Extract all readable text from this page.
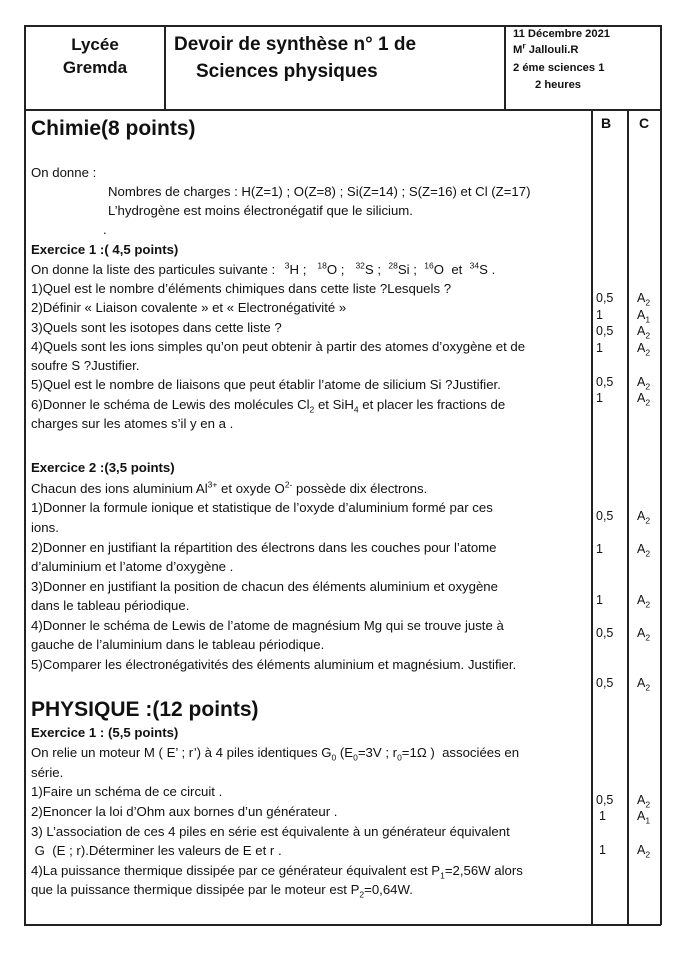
Lycée
Gremda
Devoir de synthèse n° 1 de
Sciences physiques
11 Décembre 2021
$M^r$ Jallouli.R
2 éme sciences 1
2 heures
B C
Chimie(8 points)
On donne :
Nombres de charges : H(Z=1) ; O(Z=8) ; Si(Z=14) ; S(Z=16) et Cl (Z=17)
L’hydrogène est moins électronégatif que le silicium.
.
Exercice 1 :( 4,5 points)
On donne la liste des particules suivante : $^3$H ;   $^{18}$O ;   $^{32}$S ;  $^{28}$Si ;  $^{16}$O  et  $^{34}$S .
1)Quel est le nombre d’éléments chimiques dans cette liste ?Lesquels ?
2)Définir « Liaison covalente » et « Electronégativité »
3)Quels sont les isotopes dans cette liste ?
4)Quels sont les ions simples qu’on peut obtenir à partir des atomes d’oxygène et de
soufre S ?Justifier.
5)Quel est le nombre de liaisons que peut établir l’atome de silicium Si ?Justifier.
6)Donner le schéma de Lewis des molécules $Cl_2$ et SiH$_4$ et placer les fractions de
charges sur les atomes s’il y en a .
Exercice 2 :(3,5 points)
Chacun des ions aluminium $Al^{3+}$ et oxyde $O^{2-}$ possède dix électrons.
1)Donner la formule ionique et statistique de l’oxyde d’aluminium formé par ces
ions.
2)Donner en justifiant la répartition des électrons dans les couches pour l’atome
d’aluminium et l’atome d’oxygène .
3)Donner en justifiant la position de chacun des éléments aluminium et oxygène
dans le tableau périodique.
4)Donner le schéma de Lewis de l’atome de magnésium Mg qui se trouve juste à
gauche de l’aluminium dans le tableau périodique.
5)Comparer les électronégativités des éléments aluminium et magnésium. Justifier.
PHYSIQUE :(12 points)
Exercice 1 : (5,5 points)
On relie un moteur M ( E’ ; r’) à 4 piles identiques $G_0$ ($E_0=3V$ ; $r_0=1\Omega$ )  associées en
série.
1)Faire un schéma de ce circuit .
2)Enoncer la loi d’Ohm aux bornes d’un générateur .
3) L’association de ces 4 piles en série est équivalente à un générateur équivalent
G  (E ; r).Déterminer les valeurs de E et r .
4)La puissance thermique dissipée par ce générateur équivalent est $P_1=2,56W$ alors
que la puissance thermique dissipée par le moteur est $P_2=0,64W$.
0,5 $A_2$
1	$A_1$
0,5 $A_2$
1	$A_2$
0,5 $A_2$
1	$A_2$
0,5 $A_2$
1	$A_2$
1	$A_2$
0,5 $A_2$
0,5 $A_2$
0,5 $A_2$
1 $A_1$
1 $A_2$
